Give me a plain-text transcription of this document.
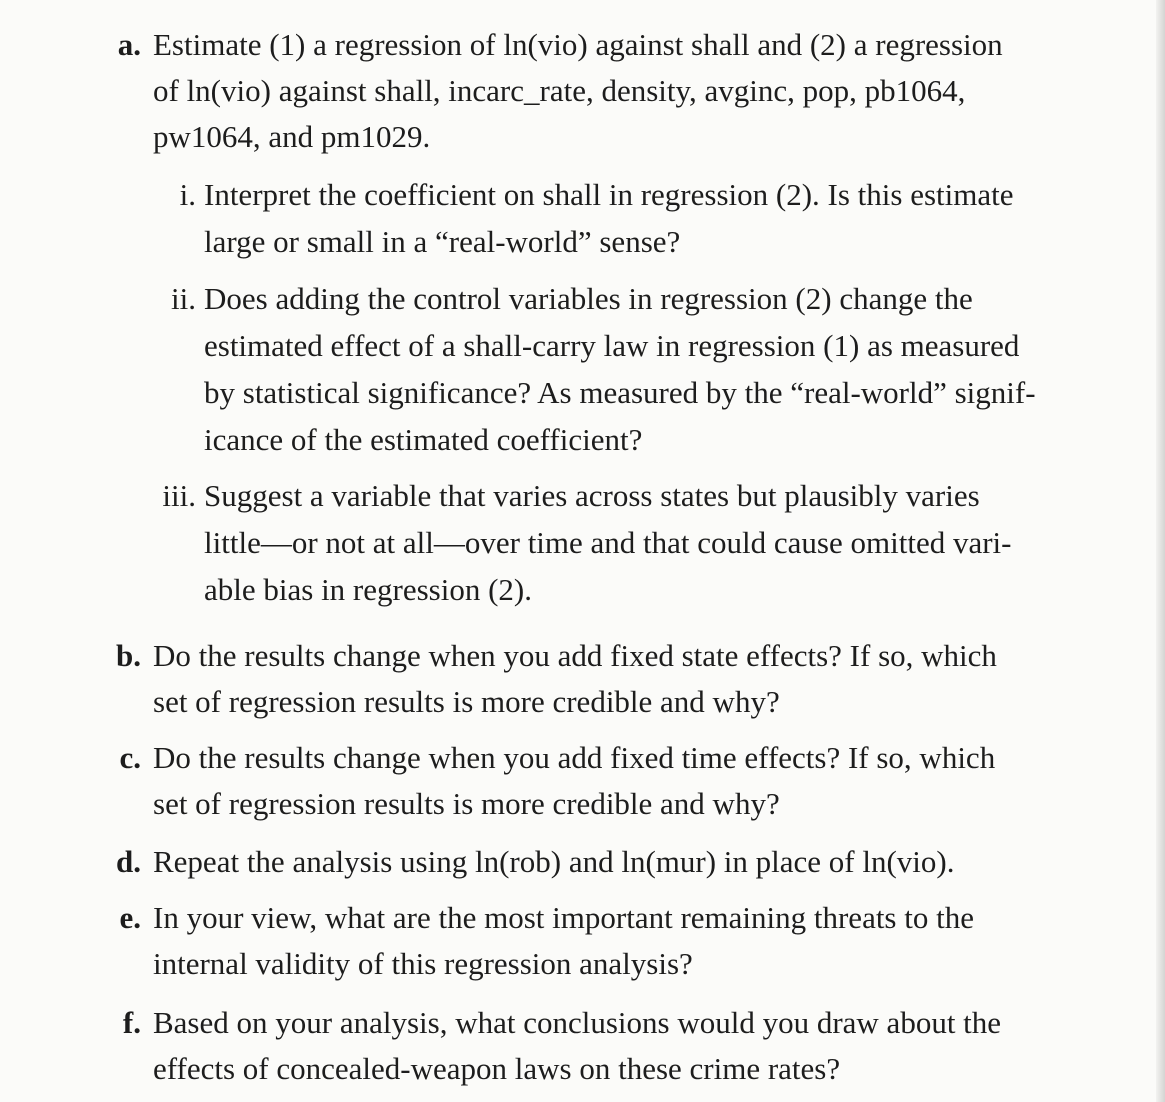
a. Estimate (1) a regression of ln(vio) against shall and (2) a regression
of ln(vio) against shall, incarc_rate, density, avginc, pop, pb1064,
pw1064, and pm1029.
i. Interpret the coefficient on shall in regression (2). Is this estimate
large or small in a “real-world” sense?
ii. Does adding the control variables in regression (2) change the
estimated effect of a shall-carry law in regression (1) as measured
by statistical significance? As measured by the “real-world” signif-
icance of the estimated coefficient?
iii. Suggest a variable that varies across states but plausibly varies
little—or not at all—over time and that could cause omitted vari-
able bias in regression (2).
b. Do the results change when you add fixed state effects? If so, which
set of regression results is more credible and why?
c. Do the results change when you add fixed time effects? If so, which
set of regression results is more credible and why?
d. Repeat the analysis using ln(rob) and ln(mur) in place of ln(vio).
e. In your view, what are the most important remaining threats to the
internal validity of this regression analysis?
f. Based on your analysis, what conclusions would you draw about the
effects of concealed-weapon laws on these crime rates?
